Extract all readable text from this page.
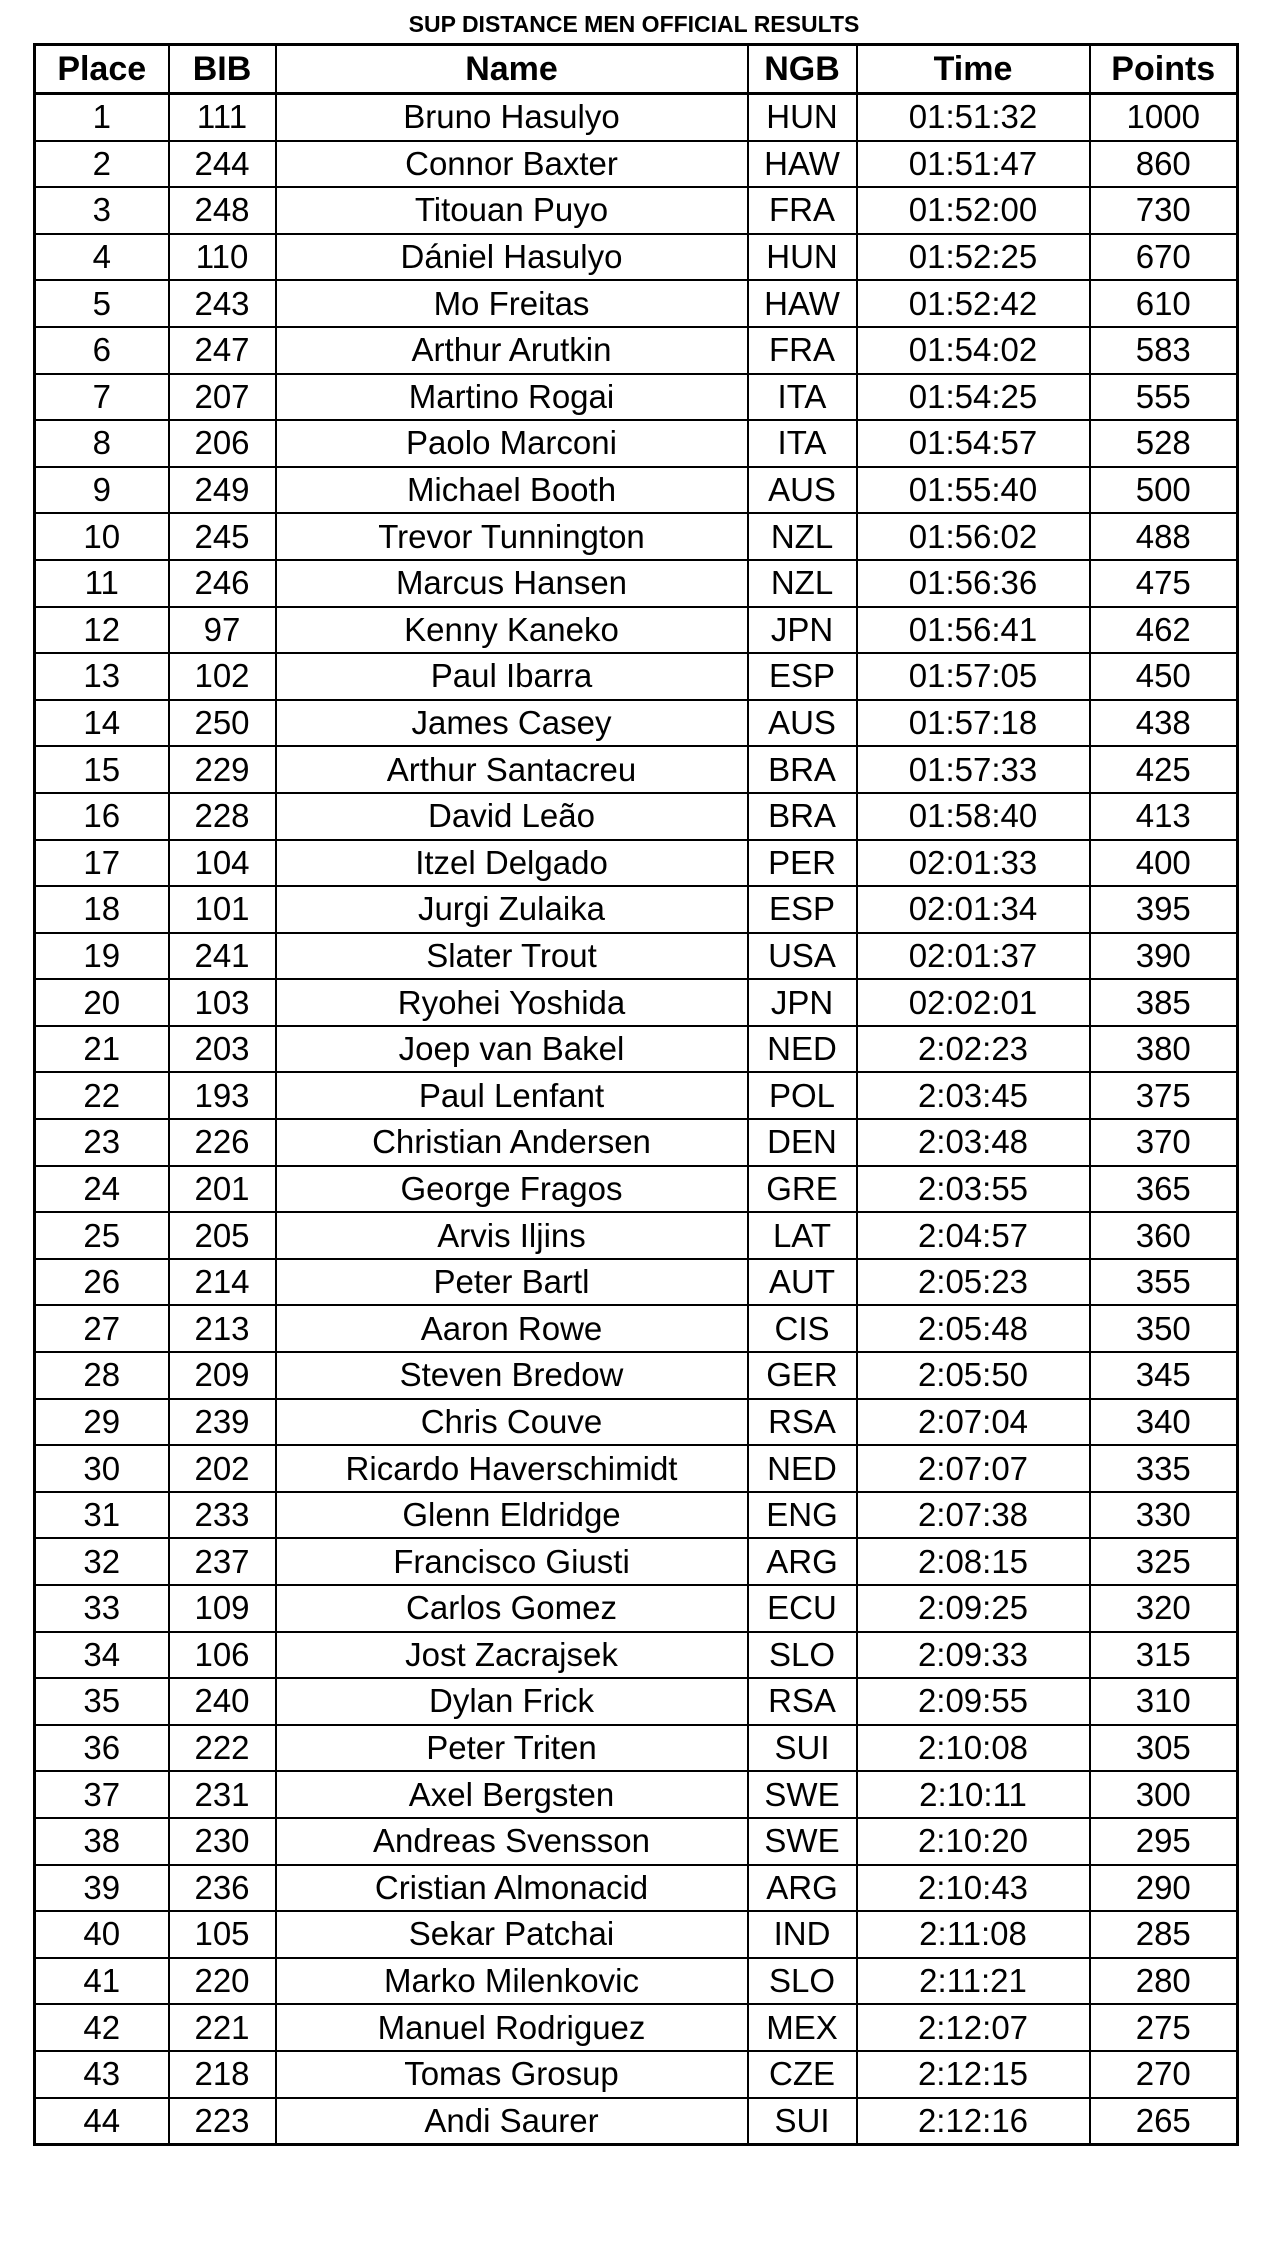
SUP DISTANCE MEN OFFICIAL RESULTS
Place	BIB	Name	NGB	Time	Points
1	111	Bruno Hasulyo	HUN	01:51:32	1000
2	244	Connor Baxter	HAW	01:51:47	860
3	248	Titouan Puyo	FRA	01:52:00	730
4	110	Dániel Hasulyo	HUN	01:52:25	670
5	243	Mo Freitas	HAW	01:52:42	610
6	247	Arthur Arutkin	FRA	01:54:02	583
7	207	Martino Rogai	ITA	01:54:25	555
8	206	Paolo Marconi	ITA	01:54:57	528
9	249	Michael Booth	AUS	01:55:40	500
10	245	Trevor Tunnington	NZL	01:56:02	488
11	246	Marcus Hansen	NZL	01:56:36	475
12	97	Kenny Kaneko	JPN	01:56:41	462
13	102	Paul Ibarra	ESP	01:57:05	450
14	250	James Casey	AUS	01:57:18	438
15	229	Arthur Santacreu	BRA	01:57:33	425
16	228	David Leão	BRA	01:58:40	413
17	104	Itzel Delgado	PER	02:01:33	400
18	101	Jurgi Zulaika	ESP	02:01:34	395
19	241	Slater Trout	USA	02:01:37	390
20	103	Ryohei Yoshida	JPN	02:02:01	385
21	203	Joep van Bakel	NED	2:02:23	380
22	193	Paul Lenfant	POL	2:03:45	375
23	226	Christian Andersen	DEN	2:03:48	370
24	201	George Fragos	GRE	2:03:55	365
25	205	Arvis Iljins	LAT	2:04:57	360
26	214	Peter Bartl	AUT	2:05:23	355
27	213	Aaron Rowe	CIS	2:05:48	350
28	209	Steven Bredow	GER	2:05:50	345
29	239	Chris Couve	RSA	2:07:04	340
30	202	Ricardo Haverschimidt	NED	2:07:07	335
31	233	Glenn Eldridge	ENG	2:07:38	330
32	237	Francisco Giusti	ARG	2:08:15	325
33	109	Carlos Gomez	ECU	2:09:25	320
34	106	Jost Zacrajsek	SLO	2:09:33	315
35	240	Dylan Frick	RSA	2:09:55	310
36	222	Peter Triten	SUI	2:10:08	305
37	231	Axel Bergsten	SWE	2:10:11	300
38	230	Andreas Svensson	SWE	2:10:20	295
39	236	Cristian Almonacid	ARG	2:10:43	290
40	105	Sekar Patchai	IND	2:11:08	285
41	220	Marko Milenkovic	SLO	2:11:21	280
42	221	Manuel Rodriguez	MEX	2:12:07	275
43	218	Tomas Grosup	CZE	2:12:15	270
44	223	Andi Saurer	SUI	2:12:16	265
